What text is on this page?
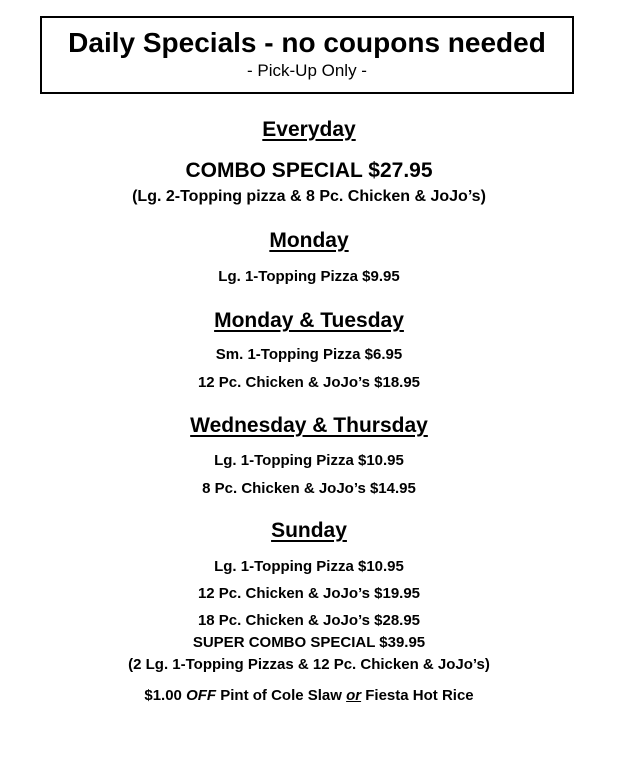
Daily Specials - no coupons needed
- Pick-Up Only -
Everyday
COMBO SPECIAL $27.95
(Lg. 2-Topping pizza & 8 Pc. Chicken & JoJo’s)
Monday
Lg. 1-Topping Pizza $9.95
Monday & Tuesday
Sm. 1-Topping Pizza $6.95
12 Pc. Chicken & JoJo’s $18.95
Wednesday & Thursday
Lg. 1-Topping Pizza $10.95
8 Pc. Chicken & JoJo’s $14.95
Sunday
Lg. 1-Topping Pizza $10.95
12 Pc. Chicken & JoJo’s $19.95
18 Pc. Chicken & JoJo’s $28.95
SUPER COMBO SPECIAL $39.95
(2 Lg. 1-Topping Pizzas & 12 Pc. Chicken & JoJo’s)
$1.00 OFF Pint of Cole Slaw or Fiesta Hot Rice
